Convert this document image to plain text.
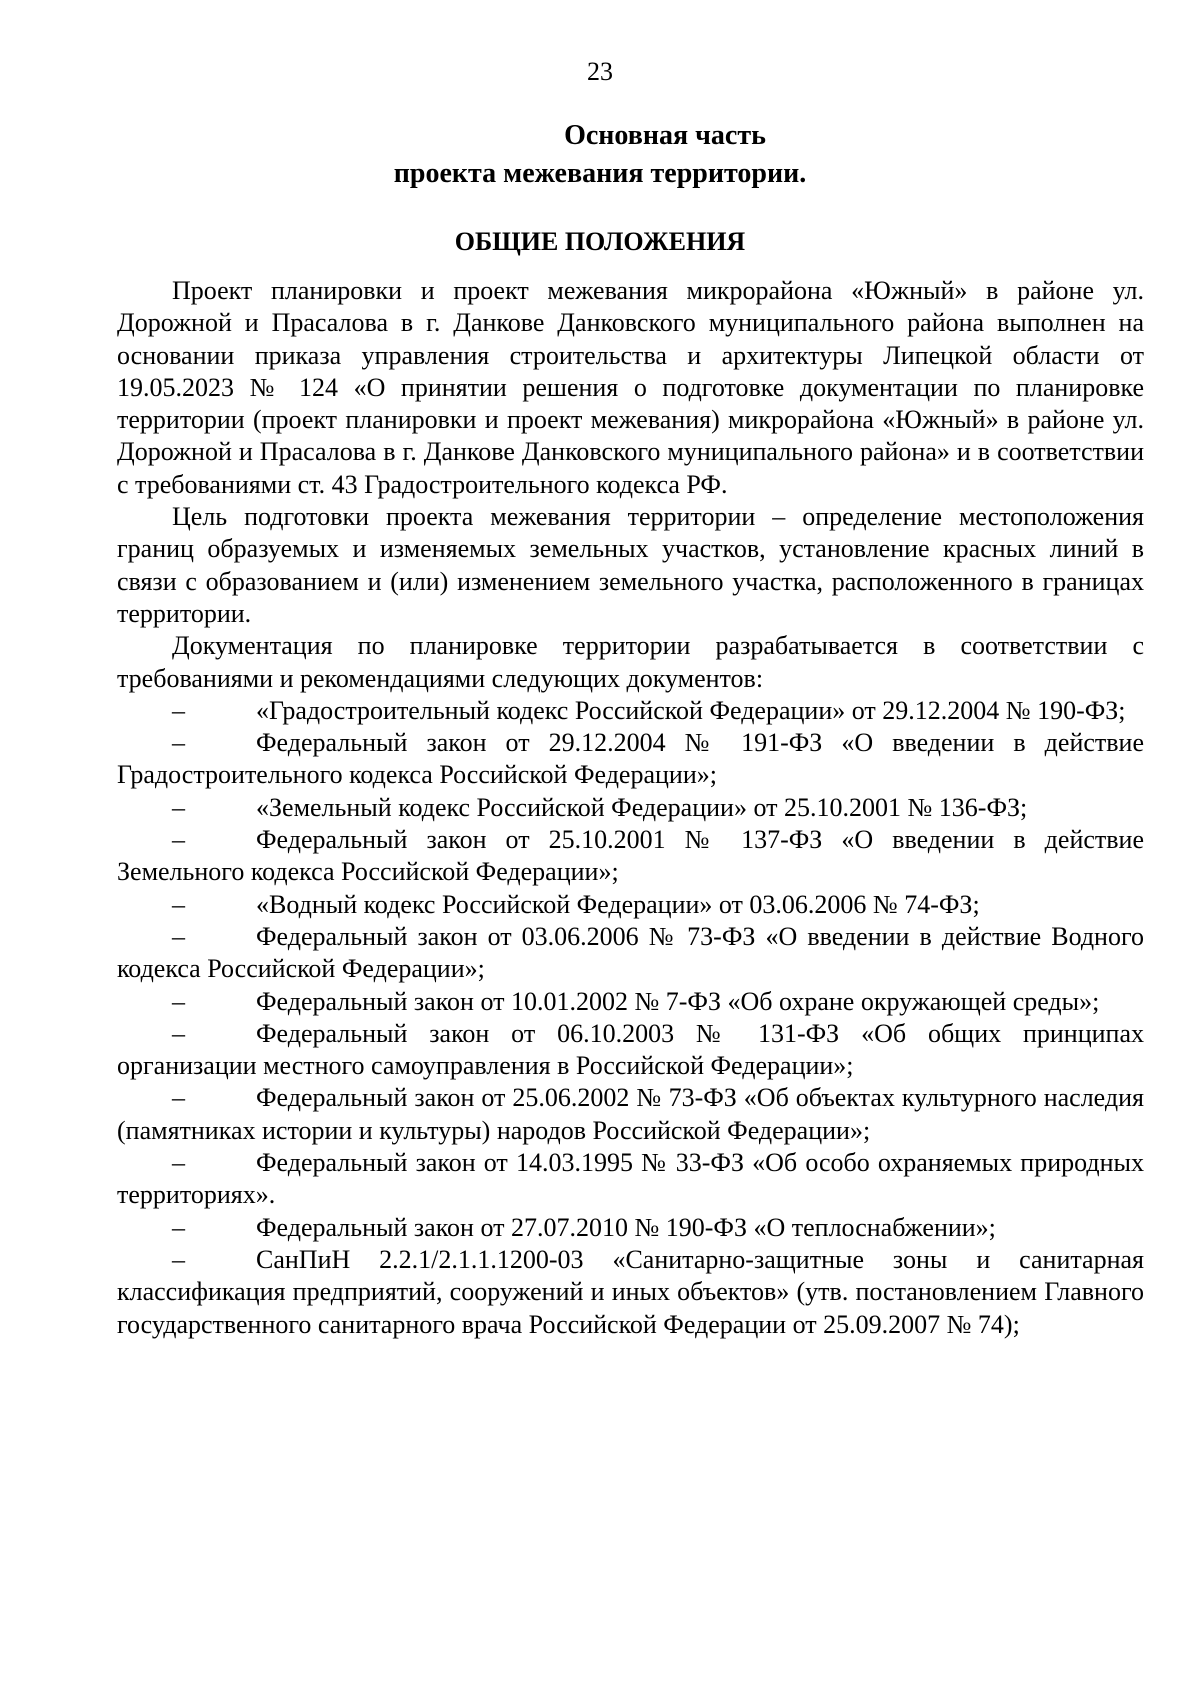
23
Основная часть
проекта межевания территории.
ОБЩИЕ ПОЛОЖЕНИЯ

Проект планировки и проект межевания микрорайона «Южный» в районе ул. Дорожной и Прасалова в г. Данкове Данковского муниципального района выполнен на основании приказа управления строительства и архитектуры Липецкой области от 19.05.2023 № 124 «О принятии решения о подготовке документации по планировке территории (проект планировки и проект межевания) микрорайона «Южный» в районе ул. Дорожной и Прасалова в г. Данкове Данковского муниципального района» и в соответствии с требованиями ст. 43 Градостроительного кодекса РФ.

Цель подготовки проекта межевания территории – определение местоположения границ образуемых и изменяемых земельных участков, установление красных линий в связи с образованием и (или) изменением земельного участка, расположенного в границах территории.

Документация по планировке территории разрабатывается в соответствии с требованиями и рекомендациями следующих документов:

–	«Градостроительный кодекс Российской Федерации» от 29.12.2004 № 190-ФЗ;

–	Федеральный закон от 29.12.2004 № 191-ФЗ «О введении в действие Градостроительного кодекса Российской Федерации»;

–	«Земельный кодекс Российской Федерации» от 25.10.2001 № 136-ФЗ;

–	Федеральный закон от 25.10.2001 № 137-ФЗ «О введении в действие Земельного кодекса Российской Федерации»;

–	«Водный кодекс Российской Федерации» от 03.06.2006 № 74-ФЗ;

–	Федеральный закон от 03.06.2006 № 73-ФЗ «О введении в действие Водного кодекса Российской Федерации»;

–	Федеральный закон от 10.01.2002 № 7-ФЗ «Об охране окружающей среды»;

–	Федеральный закон от 06.10.2003 № 131-ФЗ «Об общих принципах организации местного самоуправления в Российской Федерации»;

–	Федеральный закон от 25.06.2002 № 73-ФЗ «Об объектах культурного наследия (памятниках истории и культуры) народов Российской Федерации»;

–	Федеральный закон от 14.03.1995 № 33-ФЗ «Об особо охраняемых природных территориях».

–	Федеральный закон от 27.07.2010 № 190-ФЗ «О теплоснабжении»;

–	СанПиН 2.2.1/2.1.1.1200-03 «Санитарно-защитные зоны и санитарная классификация предприятий, сооружений и иных объектов» (утв. постановлением Главного государственного санитарного врача Российской Федерации от 25.09.2007 № 74);
